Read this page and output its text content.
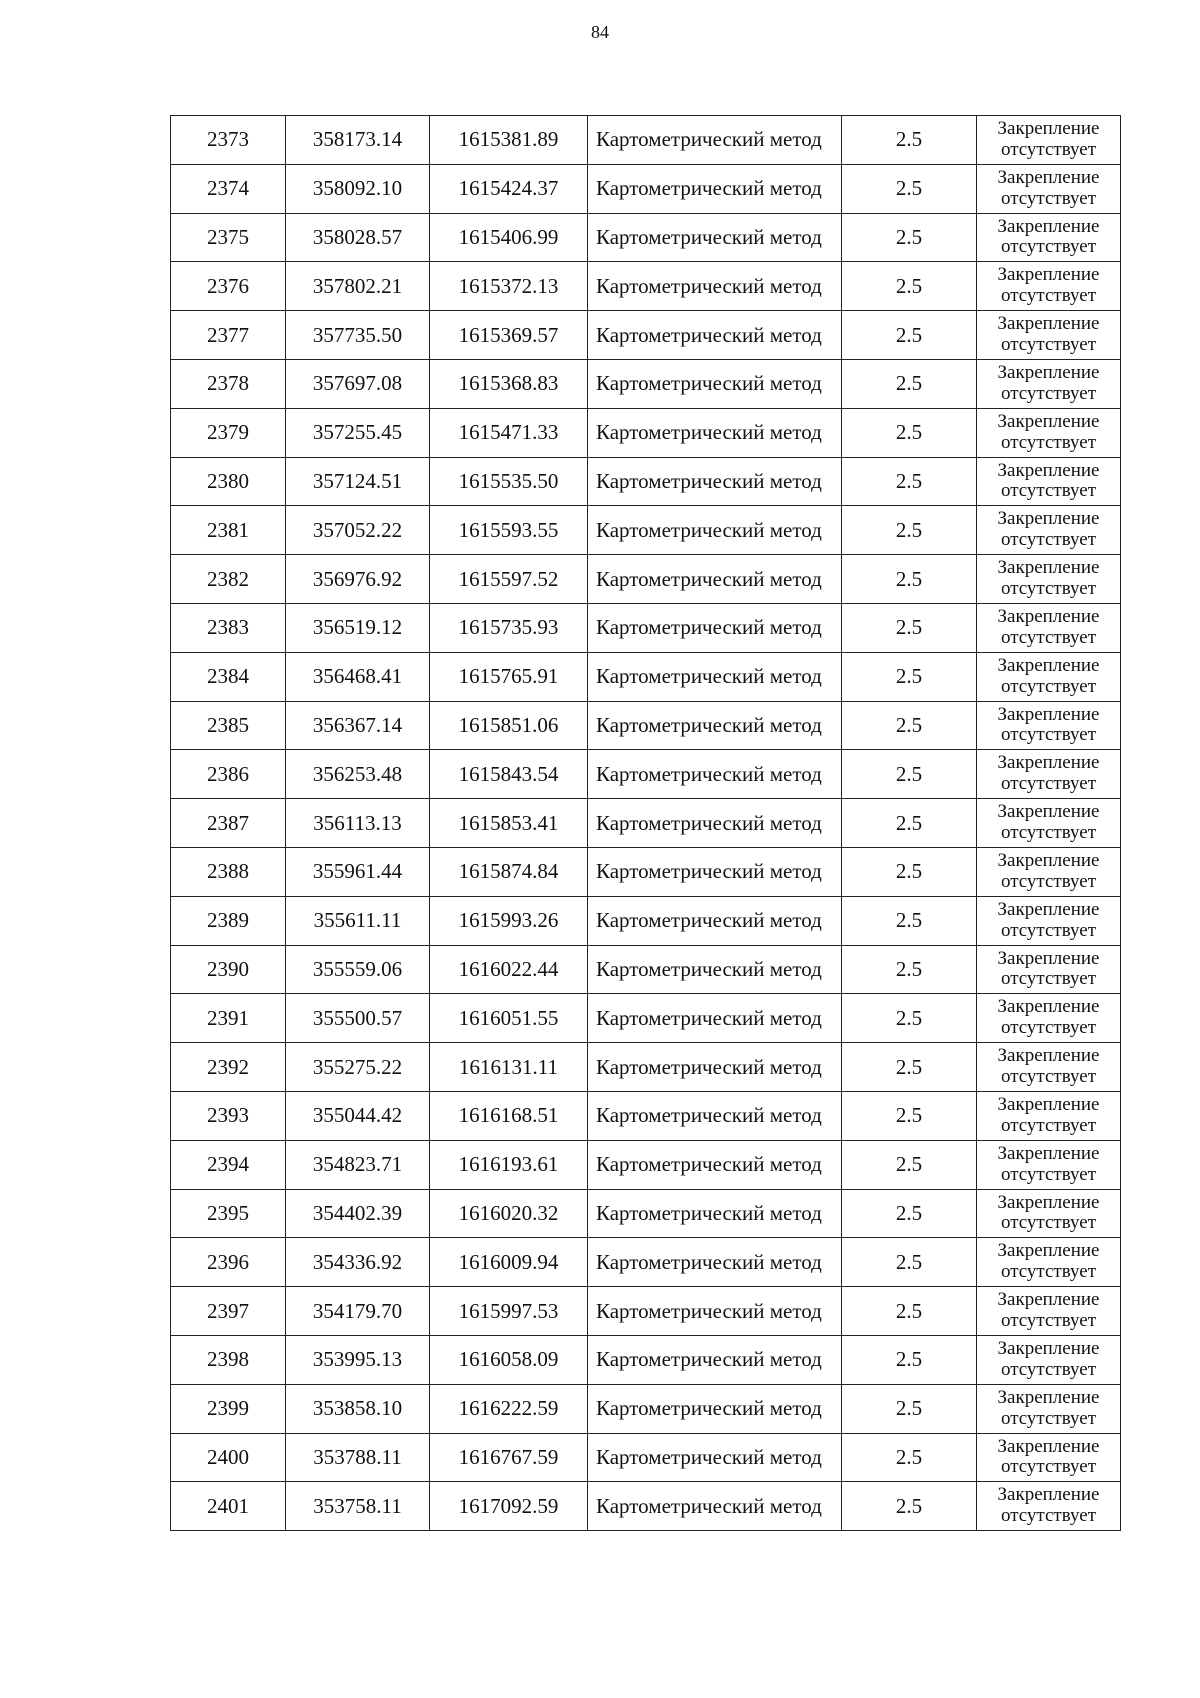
84
2373	358173.14	1615381.89	Картометрический метод	2.5	Закрепление
отсутствует

2374	358092.10	1615424.37	Картометрический метод	2.5	Закрепление
отсутствует

2375	358028.57	1615406.99	Картометрический метод	2.5	Закрепление
отсутствует

2376	357802.21	1615372.13	Картометрический метод	2.5	Закрепление
отсутствует

2377	357735.50	1615369.57	Картометрический метод	2.5	Закрепление
отсутствует

2378	357697.08	1615368.83	Картометрический метод	2.5	Закрепление
отсутствует

2379	357255.45	1615471.33	Картометрический метод	2.5	Закрепление
отсутствует

2380	357124.51	1615535.50	Картометрический метод	2.5	Закрепление
отсутствует

2381	357052.22	1615593.55	Картометрический метод	2.5	Закрепление
отсутствует

2382	356976.92	1615597.52	Картометрический метод	2.5	Закрепление
отсутствует

2383	356519.12	1615735.93	Картометрический метод	2.5	Закрепление
отсутствует

2384	356468.41	1615765.91	Картометрический метод	2.5	Закрепление
отсутствует

2385	356367.14	1615851.06	Картометрический метод	2.5	Закрепление
отсутствует

2386	356253.48	1615843.54	Картометрический метод	2.5	Закрепление
отсутствует

2387	356113.13	1615853.41	Картометрический метод	2.5	Закрепление
отсутствует

2388	355961.44	1615874.84	Картометрический метод	2.5	Закрепление
отсутствует

2389	355611.11	1615993.26	Картометрический метод	2.5	Закрепление
отсутствует

2390	355559.06	1616022.44	Картометрический метод	2.5	Закрепление
отсутствует

2391	355500.57	1616051.55	Картометрический метод	2.5	Закрепление
отсутствует

2392	355275.22	1616131.11	Картометрический метод	2.5	Закрепление
отсутствует

2393	355044.42	1616168.51	Картометрический метод	2.5	Закрепление
отсутствует

2394	354823.71	1616193.61	Картометрический метод	2.5	Закрепление
отсутствует

2395	354402.39	1616020.32	Картометрический метод	2.5	Закрепление
отсутствует

2396	354336.92	1616009.94	Картометрический метод	2.5	Закрепление
отсутствует

2397	354179.70	1615997.53	Картометрический метод	2.5	Закрепление
отсутствует

2398	353995.13	1616058.09	Картометрический метод	2.5	Закрепление
отсутствует

2399	353858.10	1616222.59	Картометрический метод	2.5	Закрепление
отсутствует

2400	353788.11	1616767.59	Картометрический метод	2.5	Закрепление
отсутствует

2401	353758.11	1617092.59	Картометрический метод	2.5	Закрепление
отсутствует
